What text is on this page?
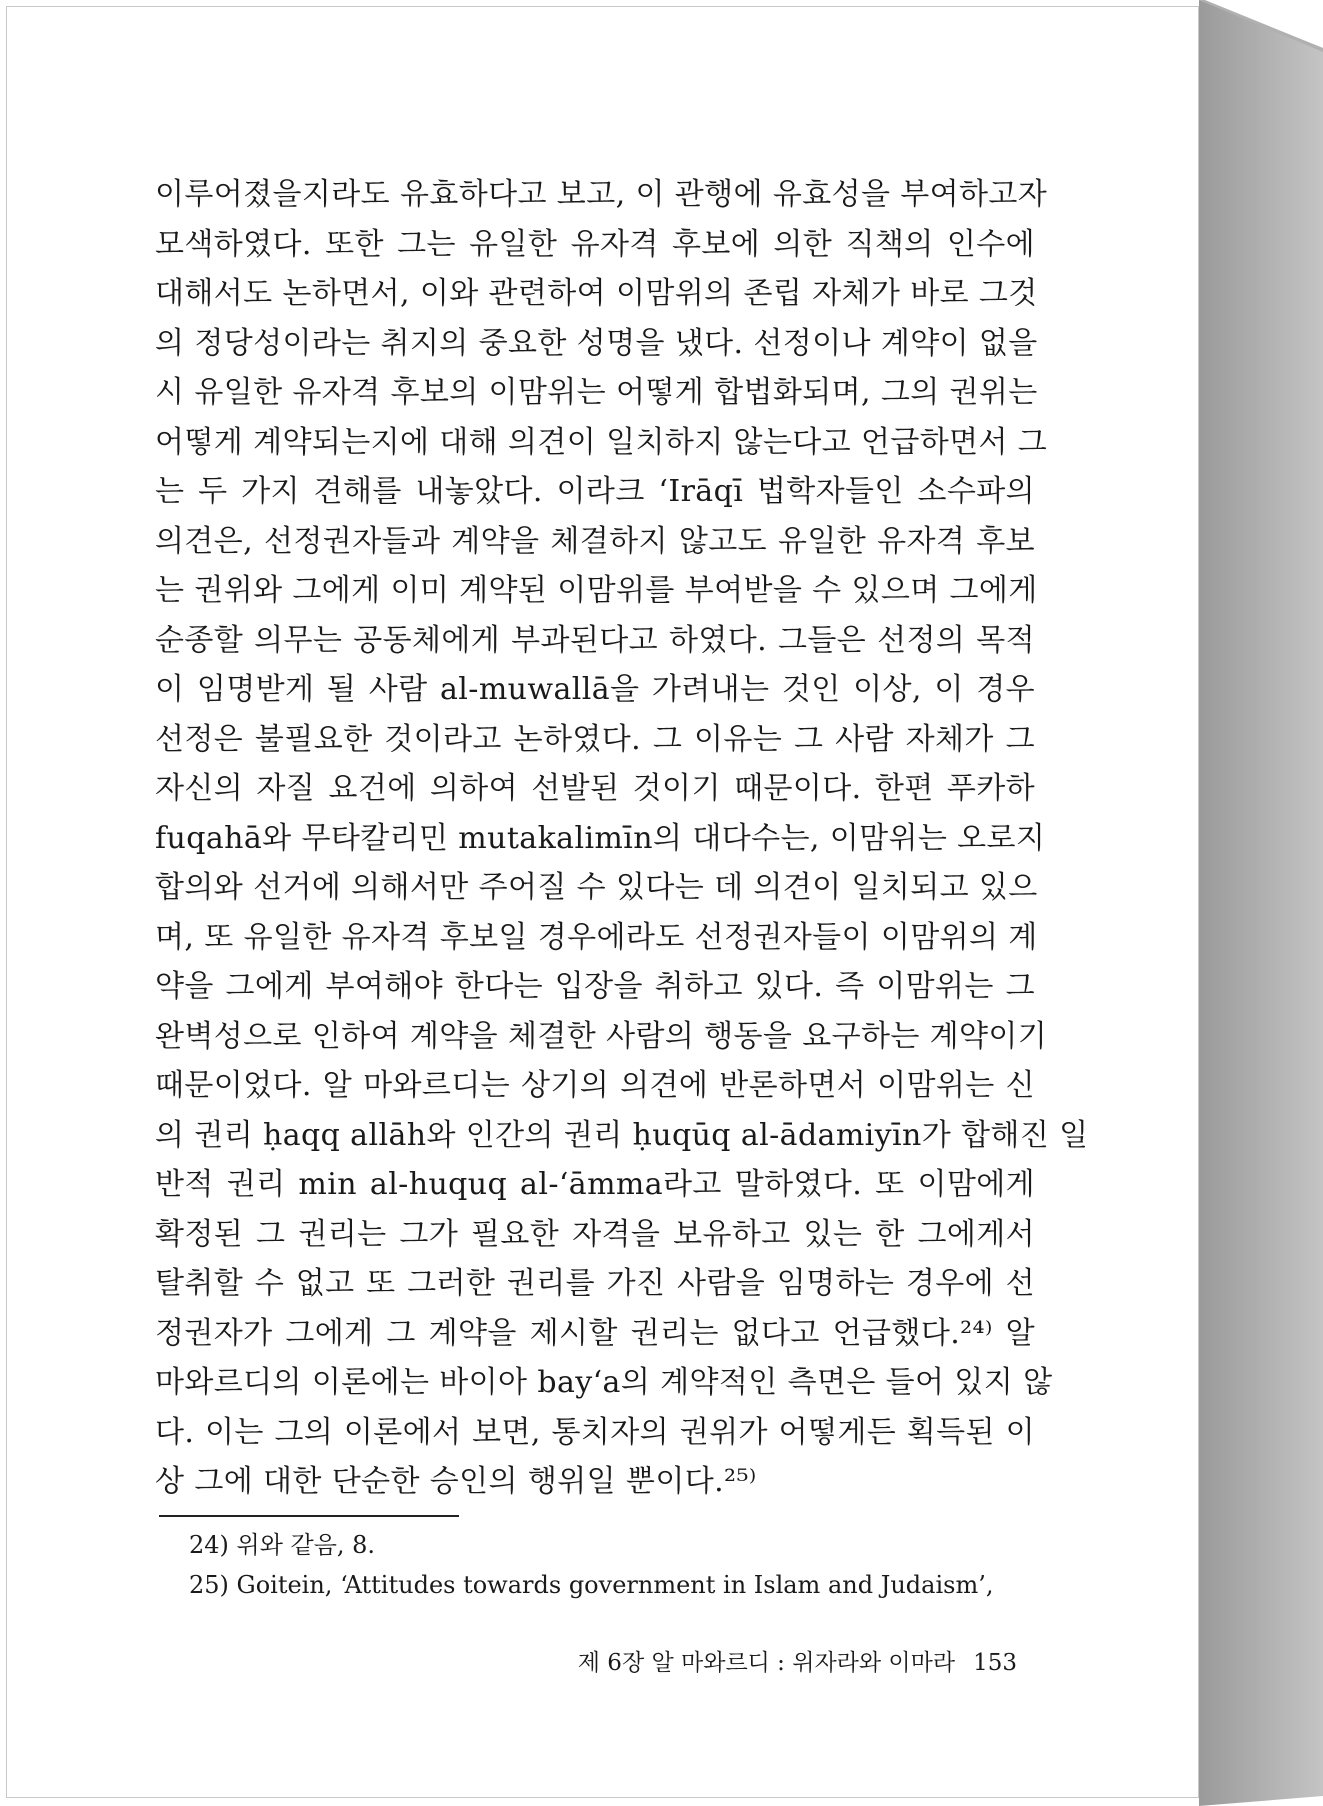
이루어졌을지라도 유효하다고 보고, 이 관행에 유효성을 부여하고자
모색하였다. 또한 그는 유일한 유자격 후보에 의한 직책의 인수에
대해서도 논하면서, 이와 관련하여 이맘위의 존립 자체가 바로 그것
의 정당성이라는 취지의 중요한 성명을 냈다. 선정이나 계약이 없을
시 유일한 유자격 후보의 이맘위는 어떻게 합법화되며, 그의 권위는
어떻게 계약되는지에 대해 의견이 일치하지 않는다고 언급하면서 그
는 두 가지 견해를 내놓았다. 이라크 ‘Irāqī 법학자들인 소수파의
의견은, 선정권자들과 계약을 체결하지 않고도 유일한 유자격 후보
는 권위와 그에게 이미 계약된 이맘위를 부여받을 수 있으며 그에게
순종할 의무는 공동체에게 부과된다고 하였다. 그들은 선정의 목적
이 임명받게 될 사람 al-muwallā을 가려내는 것인 이상, 이 경우
선정은 불필요한 것이라고 논하였다. 그 이유는 그 사람 자체가 그
자신의 자질 요건에 의하여 선발된 것이기 때문이다. 한편 푸카하
fuqahā와 무타칼리민 mutakalimīn의 대다수는, 이맘위는 오로지
합의와 선거에 의해서만 주어질 수 있다는 데 의견이 일치되고 있으
며, 또 유일한 유자격 후보일 경우에라도 선정권자들이 이맘위의 계
약을 그에게 부여해야 한다는 입장을 취하고 있다. 즉 이맘위는 그
완벽성으로 인하여 계약을 체결한 사람의 행동을 요구하는 계약이기
때문이었다. 알 마와르디는 상기의 의견에 반론하면서 이맘위는 신
의 권리 ḥaqq allāh와 인간의 권리 ḥuqūq al-ādamiyīn가 합해진 일
반적 권리 min al-huquq al-‘āmma라고 말하였다. 또 이맘에게
확정된 그 권리는 그가 필요한 자격을 보유하고 있는 한 그에게서
탈취할 수 없고 또 그러한 권리를 가진 사람을 임명하는 경우에 선
정권자가 그에게 그 계약을 제시할 권리는 없다고 언급했다.²⁴⁾ 알
마와르디의 이론에는 바이아 bay‘a의 계약적인 측면은 들어 있지 않
다. 이는 그의 이론에서 보면, 통치자의 권위가 어떻게든 획득된 이
상 그에 대한 단순한 승인의 행위일 뿐이다.²⁵⁾
24) 위와 같음, 8.
25) Goitein, ‘Attitudes towards government in Islam and Judaism’,
제 6장 알 마와르디 : 위자라와 이마라 153
